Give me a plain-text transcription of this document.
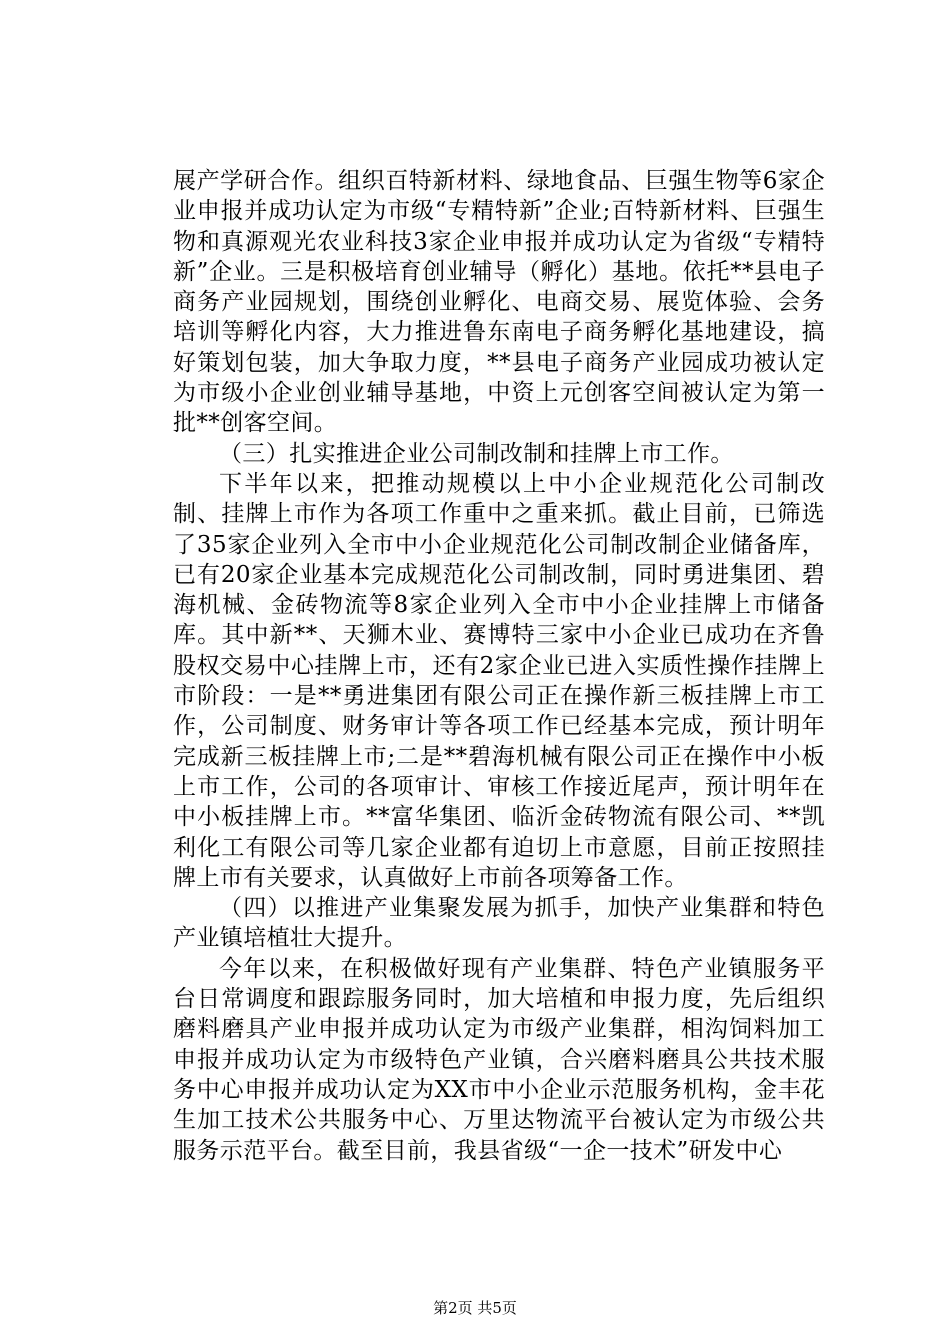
展产学研合作。组织百特新材料、绿地食品、巨强生物等6家企业申报并成功认定为市级“专精特新”企业;百特新材料、巨强生物和真源观光农业科技3家企业申报并成功认定为省级“专精特新”企业。三是积极培育创业辅导（孵化）基地。依托**县电子商务产业园规划，围绕创业孵化、电商交易、展览体验、会务培训等孵化内容，大力推进鲁东南电子商务孵化基地建设，搞好策划包装，加大争取力度，**县电子商务产业园成功被认定为市级小企业创业辅导基地，中资上元创客空间被认定为第一批**创客空间。

（三）扎实推进企业公司制改制和挂牌上市工作。

下半年以来，把推动规模以上中小企业规范化公司制改制、挂牌上市作为各项工作重中之重来抓。截止目前，已筛选了35家企业列入全市中小企业规范化公司制改制企业储备库，已有20家企业基本完成规范化公司制改制，同时勇进集团、碧海机械、金砖物流等8家企业列入全市中小企业挂牌上市储备库。其中新**、天狮木业、赛博特三家中小企业已成功在齐鲁股权交易中心挂牌上市，还有2家企业已进入实质性操作挂牌上市阶段：一是**勇进集团有限公司正在操作新三板挂牌上市工作，公司制度、财务审计等各项工作已经基本完成，预计明年完成新三板挂牌上市;二是**碧海机械有限公司正在操作中小板上市工作，公司的各项审计、审核工作接近尾声，预计明年在中小板挂牌上市。**富华集团、临沂金砖物流有限公司、**凯利化工有限公司等几家企业都有迫切上市意愿，目前正按照挂牌上市有关要求，认真做好上市前各项筹备工作。

（四）以推进产业集聚发展为抓手，加快产业集群和特色产业镇培植壮大提升。

今年以来，在积极做好现有产业集群、特色产业镇服务平台日常调度和跟踪服务同时，加大培植和申报力度，先后组织磨料磨具产业申报并成功认定为市级产业集群，相沟饲料加工申报并成功认定为市级特色产业镇，合兴磨料磨具公共技术服务中心申报并成功认定为XX市中小企业示范服务机构，金丰花生加工技术公共服务中心、万里达物流平台被认定为市级公共服务示范平台。截至目前，我县省级“一企一技术”研发中心

第2页 共5页
